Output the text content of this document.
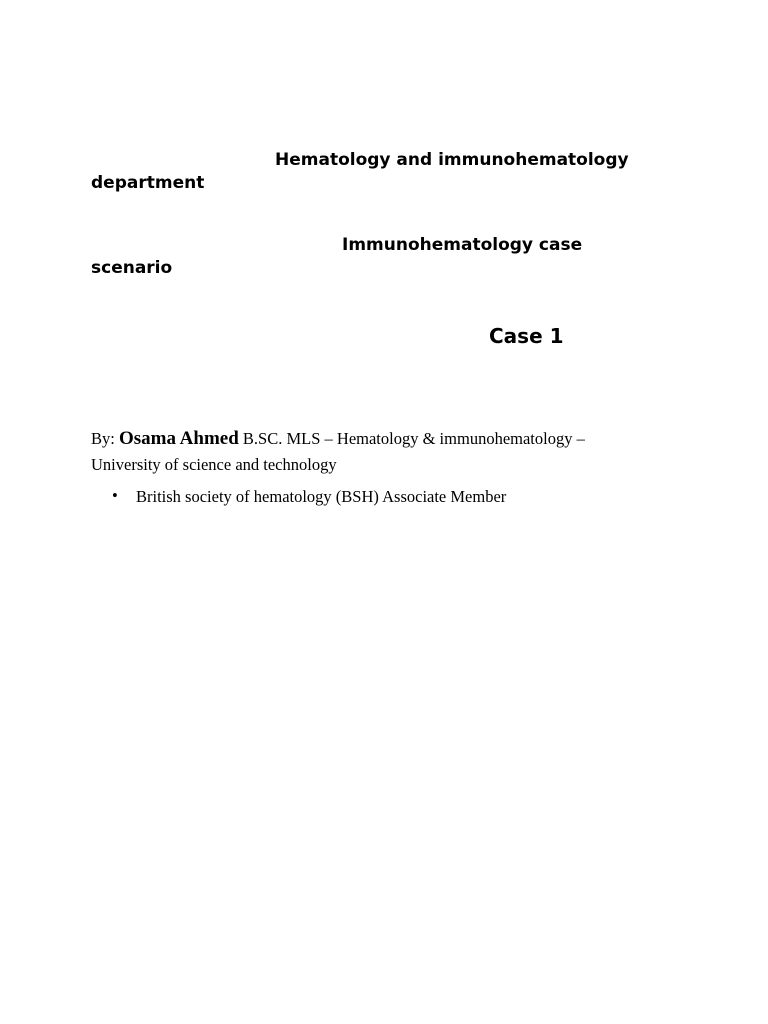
Hematology and immunohematology
department
Immunohematology case
scenario
Case 1
By: Osama Ahmed B.SC. MLS – Hematology & immunohematology –
University of science and technology
• British society of hematology (BSH) Associate Member
